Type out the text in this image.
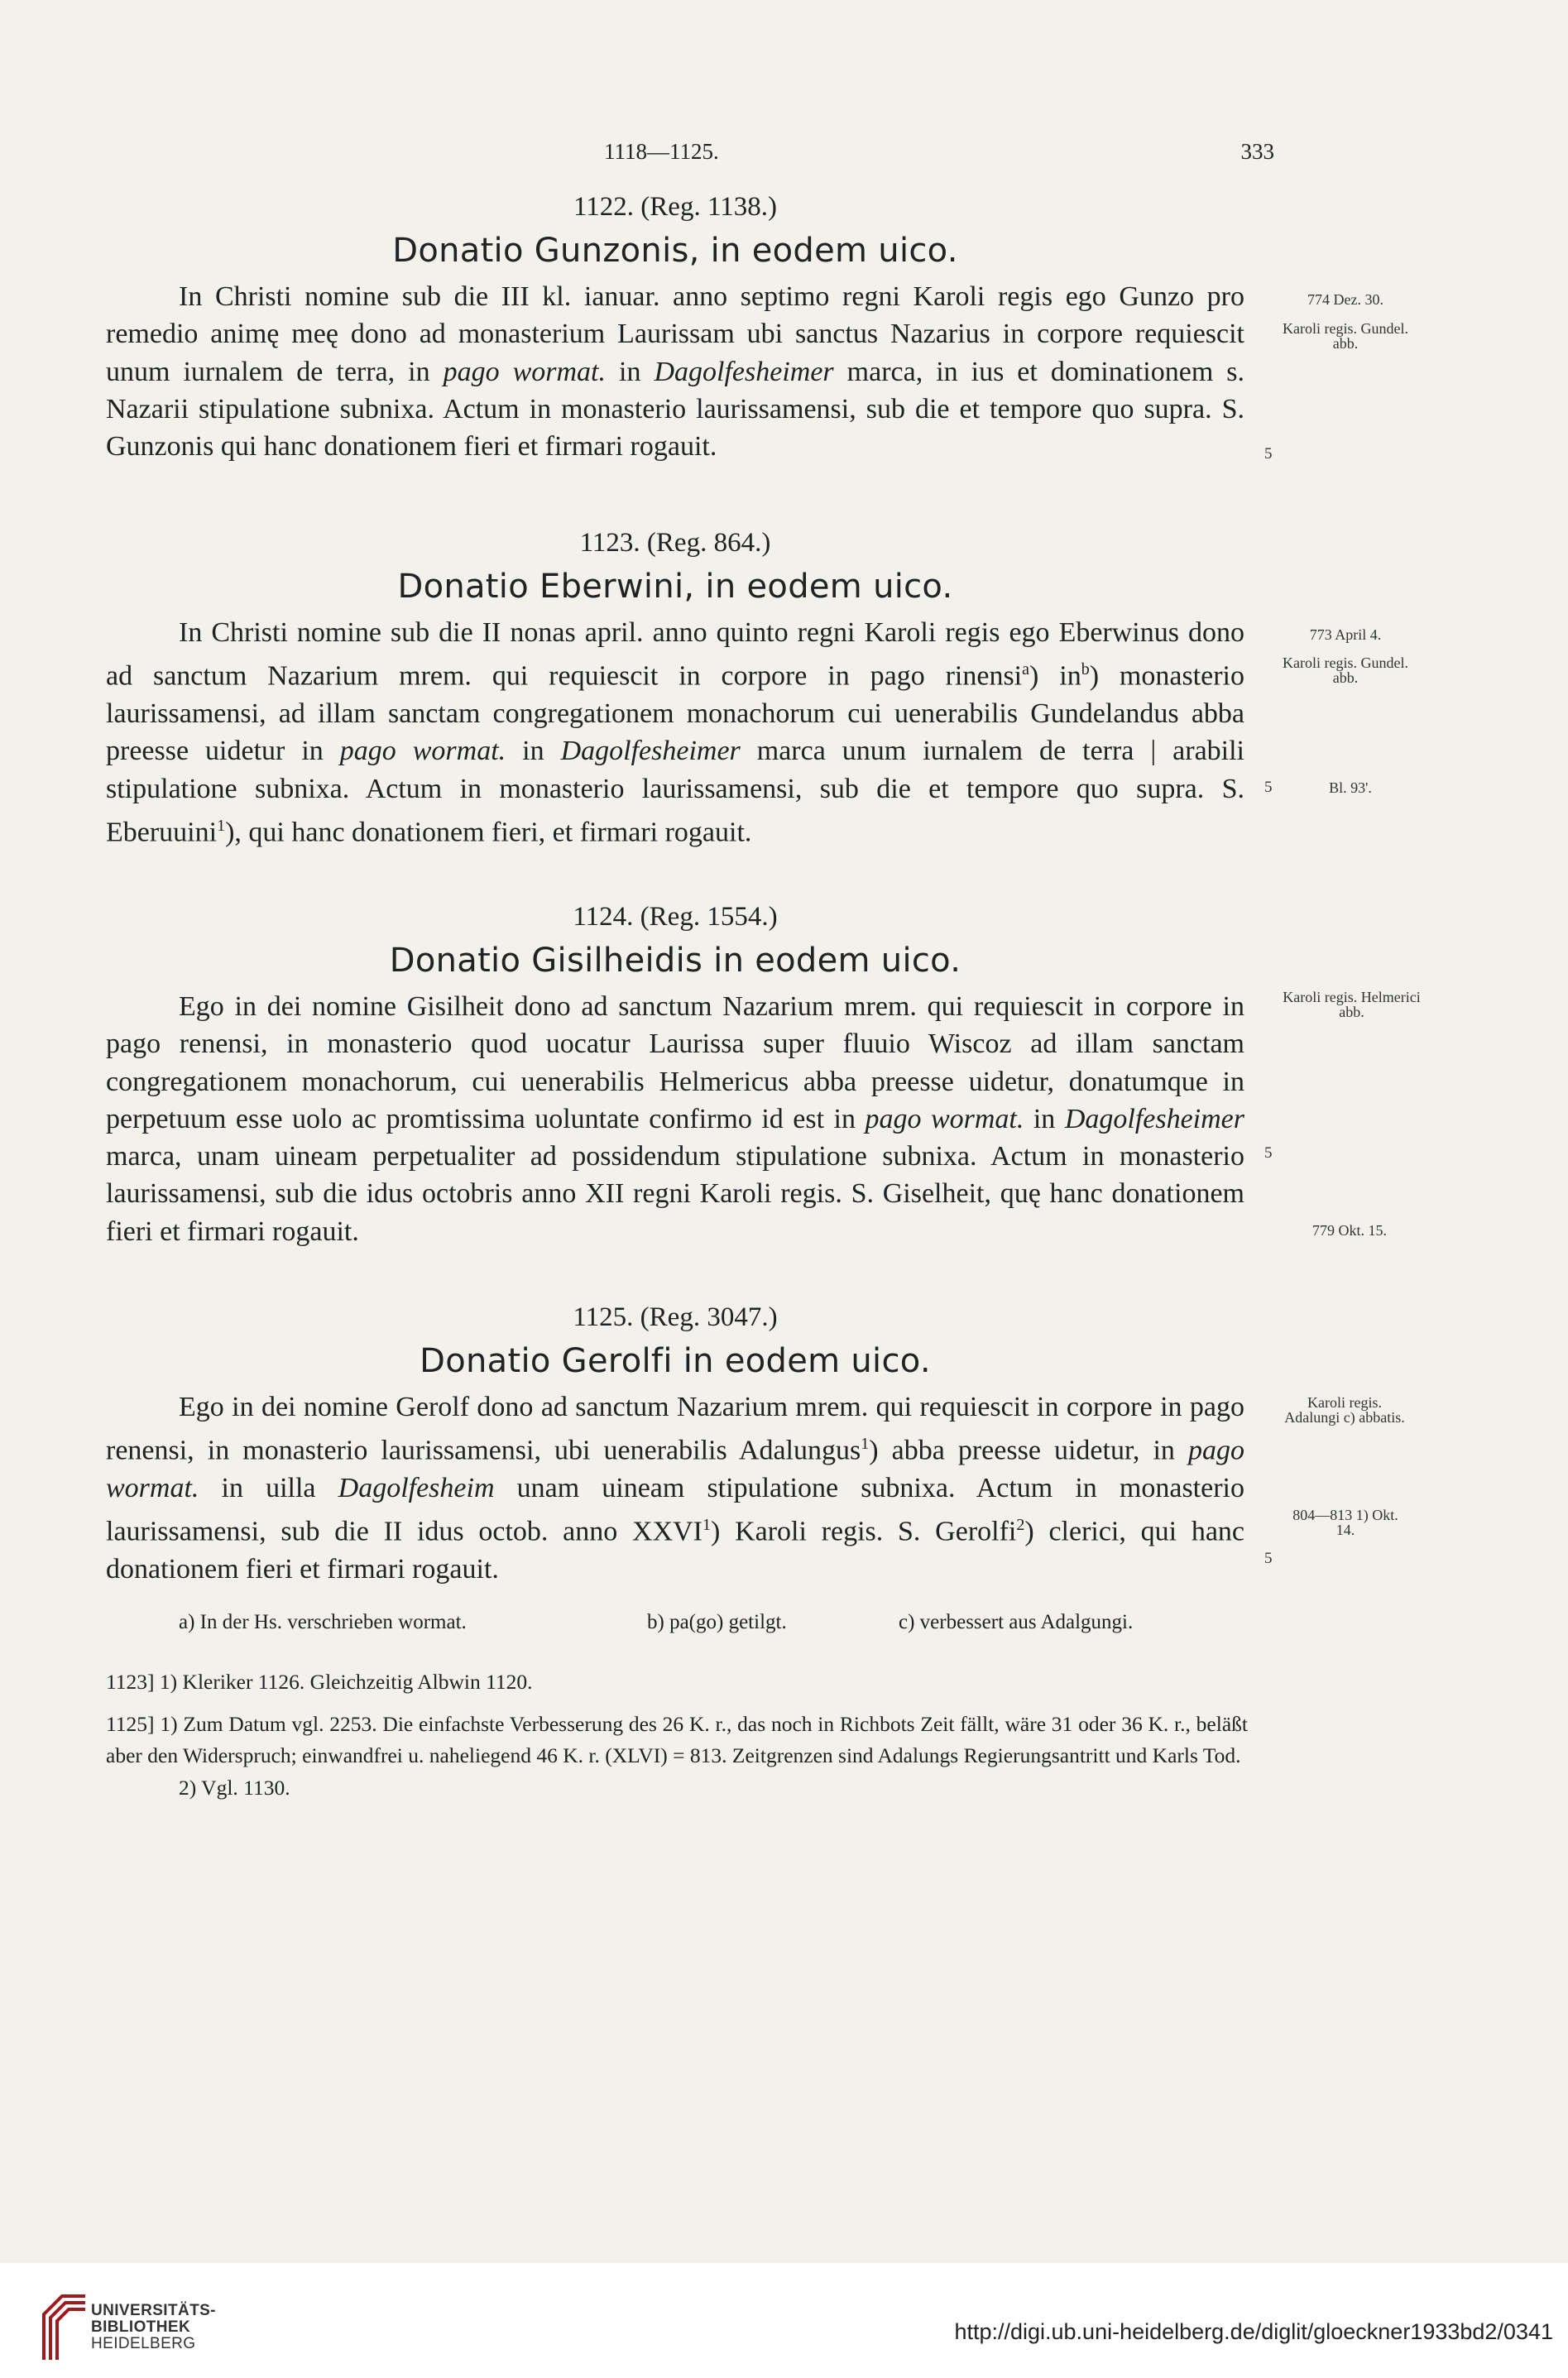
1118—1125.	333
1122. (Reg. 1138.)
Donatio Gunzonis, in eodem uico.

In Christi nomine sub die III kl. ianuar. anno septimo regni Karoli regis ego Gunzo pro remedio animę meę dono ad monasterium Laurissam ubi sanctus Nazarius in corpore requiescit unum iurnalem de terra, in pago wormat. in Dagolfesheimer marca, in ius et dominationem s. Nazarii stipulatione subnixa. Actum in monasterio laurissamensi, sub die et tempore quo supra. S. Gunzonis qui hanc donationem fieri et firmari rogauit.

1123. (Reg. 864.)
Donatio Eberwini, in eodem uico.

In Christi nomine sub die II nonas april. anno quinto regni Karoli regis ego Eberwinus dono ad sanctum Nazarium mrem. qui requiescit in corpore in pago rinensi$^a$) $in^b$) monasterio laurissamensi, ad illam sanctam congregationem monachorum cui uenerabilis Gundelandus abba preesse uidetur in pago wormat. in Dagolfesheimer marca unum iurnalem de terra | arabili stipulatione subnixa. Actum in monasterio laurissamensi, sub die et tempore quo supra. S. Eberuuini$^1$), qui hanc donationem fieri, et firmari rogauit.

1124. (Reg. 1554.)
Donatio Gisilheidis in eodem uico.

Ego in dei nomine Gisilheit dono ad sanctum Nazarium mrem. qui requiescit in corpore in pago renensi, in monasterio quod uocatur Laurissa super fluuio Wiscoz ad illam sanctam congregationem monachorum, cui uenerabilis Helmericus abba preesse uidetur, donatumque in perpetuum esse uolo ac promtissima uoluntate confirmo id est in pago wormat. in Dagolfesheimer marca, unam uineam perpetualiter ad possidendum stipulatione subnixa. Actum in monasterio laurissamensi, sub die idus octobris anno XII regni Karoli regis. S. Giselheit, quę hanc donationem fieri et firmari rogauit.

1125. (Reg. 3047.)
Donatio Gerolfi in eodem uico.

Ego in dei nomine Gerolf dono ad sanctum Nazarium mrem. qui requiescit in corpore in pago renensi, in monasterio laurissamensi, ubi uenerabilis Adalungus$^1$) abba preesse uidetur, in pago wormat. in uilla Dagolfesheim unam uineam stipulatione subnixa. Actum in monasterio laurissamensi, sub die II idus octob. anno XXVI$^1$) Karoli regis. S. Gerolfi$^2$) clerici, qui hanc donationem fieri et firmari rogauit.

774 Dez. 30.
Karoli regis. Gundel. abb.
5
773 April 4.
Karoli regis. Gundel. abb.
5	Bl. 93'.
Karoli regis. Helmerici abb.
5
779 Okt. 15.
Karoli regis. Adalungi c) abbatis.
804—813 1) Okt. 14.
5
a) In der Hs. verschrieben wormat.	b) pa(go) getilgt.	c) verbessert aus Adalgungi.

1123] 1) Kleriker 1126. Gleichzeitig Albwin 1120.

1125] 1) Zum Datum vgl. 2253. Die einfachste Verbesserung des 26 K. r., das noch in Richbots Zeit fällt, wäre 31 oder 36 K. r., beläßt aber den Widerspruch; einwandfrei u. naheliegend 46 K. r. (XLVI) = 813. Zeitgrenzen sind Adalungs Regierungsantritt und Karls Tod.

2) Vgl. 1130.

UNIVERSITÄTS-
BIBLIOTHEK
HEIDELBERG	http://digi.ub.uni-heidelberg.de/diglit/gloeckner1933bd2/0341
